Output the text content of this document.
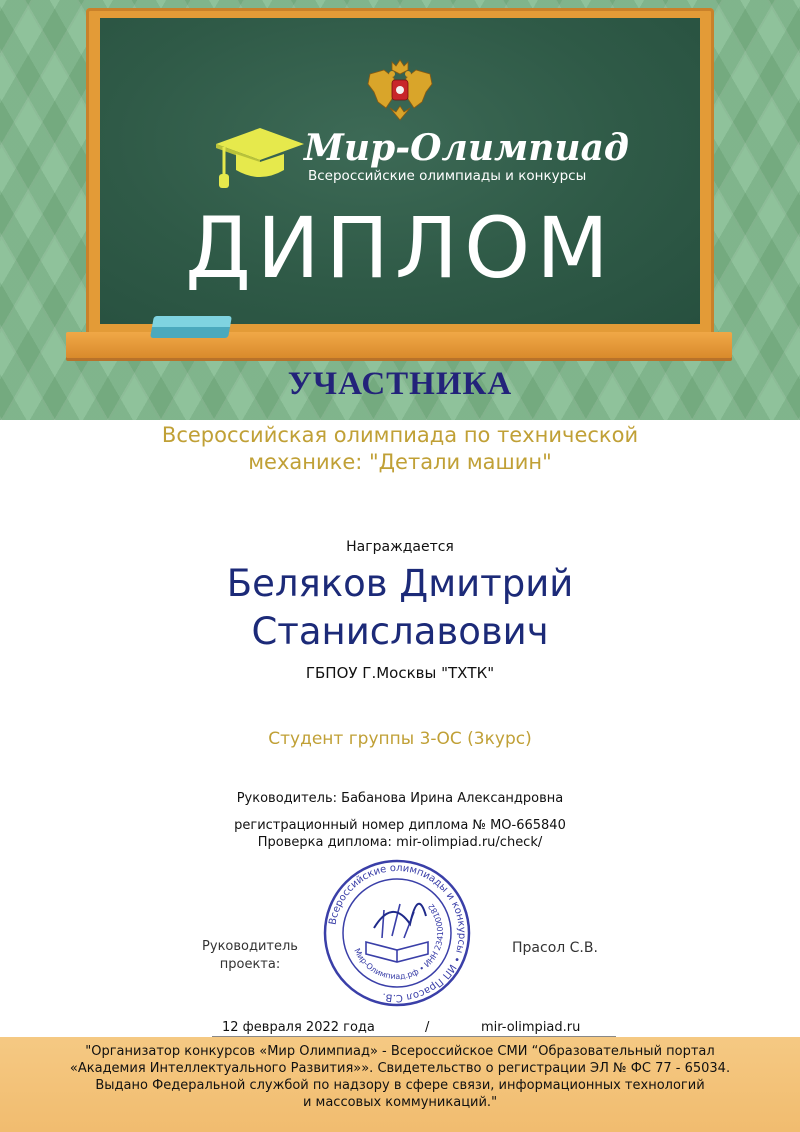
Мир-Олимпиад
Всероссийские олимпиады и конкурсы
ДИПЛОМ
УЧАСТНИКА
Всероссийская олимпиада по технической
механике: "Детали машин"
Награждается
Беляков Дмитрий
Станиславович
ГБПОУ Г.Москвы "ТХТК"
Студент группы 3-ОС (3курс)
Руководитель: Бабанова Ирина Александровна
регистрационный номер диплома № МО-665840
Проверка диплома: mir-olimpiad.ru/check/
Руководитель
проекта:
Всероссийские олимпиады и конкурсы • ИП Прасол С.В.
Мир-Олимпиад.рф • ИНН 2341000182
Прасол С.В.
12 февраля 2022 года	/	mir-olimpiad.ru
"Организатор конкурсов «Мир Олимпиад» - Всероссийское СМИ “Образовательный портал
«Академия Интеллектуального Развития»». Свидетельство о регистрации ЭЛ № ФС 77 - 65034.
Выдано Федеральной службой по надзору в сфере связи, информационных технологий
и массовых коммуникаций."
